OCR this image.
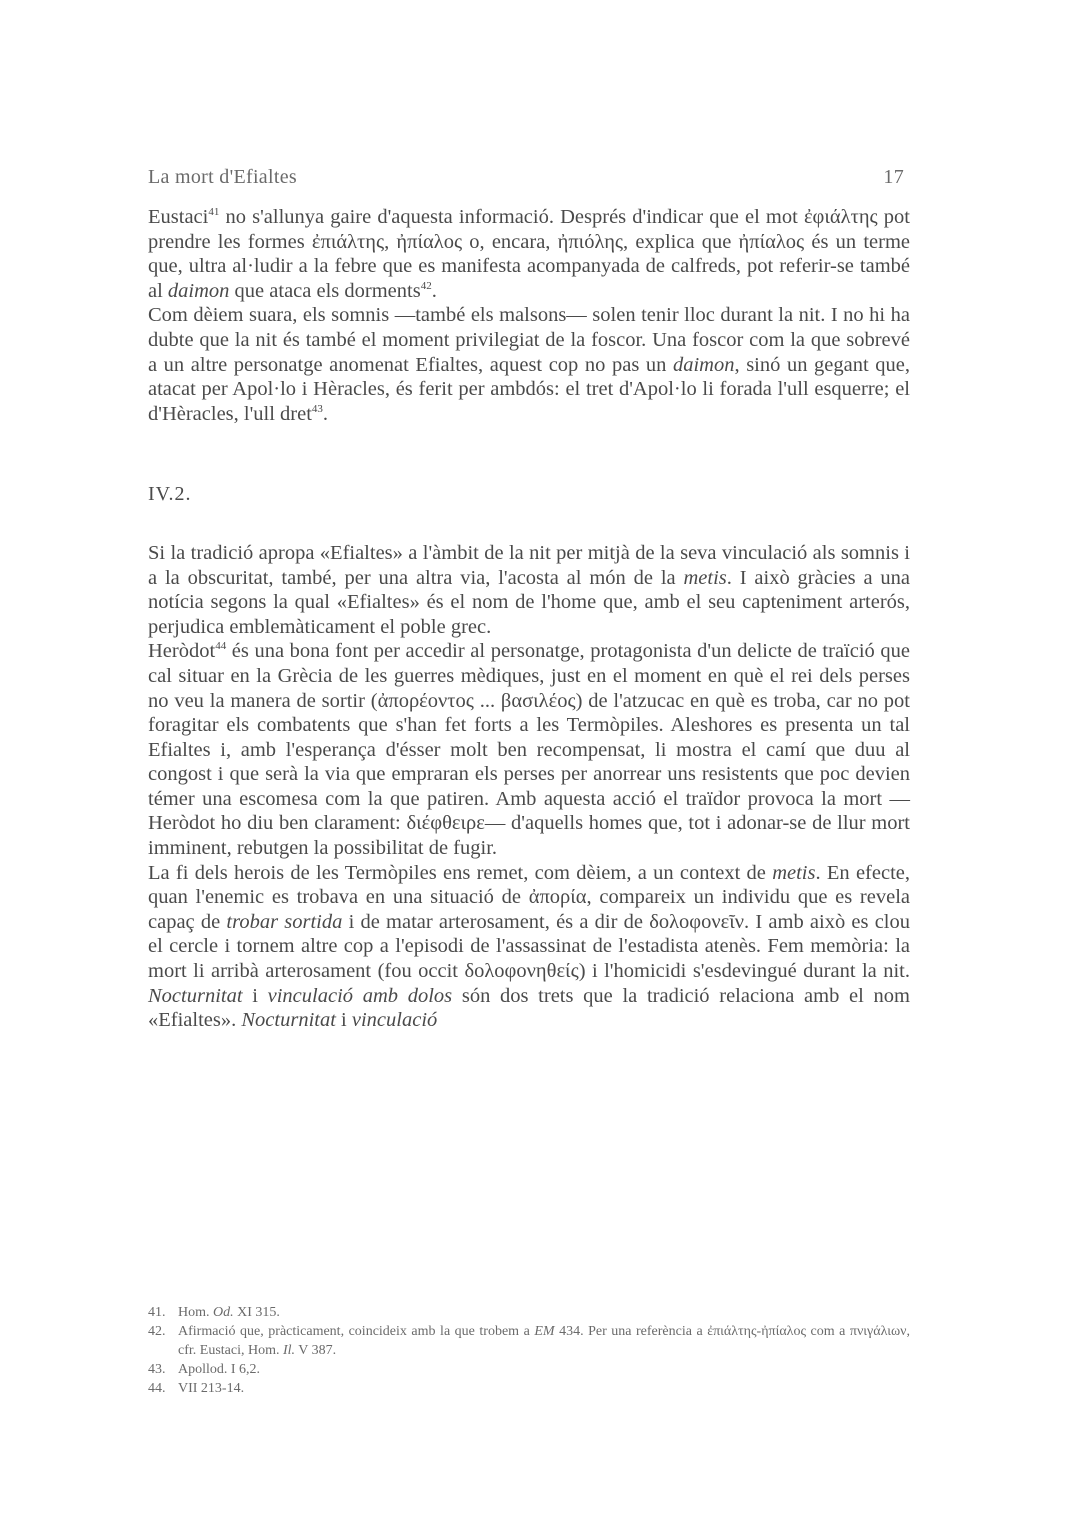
La mort d'Efialtes	17

Eustaci$^{41}$ no s'allunya gaire d'aquesta informació. Després d'indicar que el mot ἐφιάλτης pot prendre les formes ἐπιάλτης, ἠπίαλος o, encara, ἠπιόλης, explica que ἠπίαλος és un terme que, ultra al·ludir a la febre que es manifesta acompanyada de calfreds, pot referir-se també al daimon que ataca els dorments$^{42}$.

Com dèiem suara, els somnis —també els malsons— solen tenir lloc durant la nit. I no hi ha dubte que la nit és també el moment privilegiat de la foscor. Una foscor com la que sobrevé a un altre personatge anomenat Efialtes, aquest cop no pas un daimon, sinó un gegant que, atacat per Apol·lo i Hèracles, és ferit per ambdós: el tret d'Apol·lo li forada l'ull esquerre; el d'Hèracles, l'ull dret$^{43}$.

IV.2.

Si la tradició apropa «Efialtes» a l'àmbit de la nit per mitjà de la seva vinculació als somnis i a la obscuritat, també, per una altra via, l'acosta al món de la metis. I això gràcies a una notícia segons la qual «Efialtes» és el nom de l'home que, amb el seu capteniment arterós, perjudica emblemàticament el poble grec.

Heròdot$^{44}$ és una bona font per accedir al personatge, protagonista d'un delicte de traïció que cal situar en la Grècia de les guerres mèdiques, just en el moment en què el rei dels perses no veu la manera de sortir (ἀπορέοντος ... βασιλέος) de l'atzucac en què es troba, car no pot foragitar els combatents que s'han fet forts a les Termòpiles. Aleshores es presenta un tal Efialtes i, amb l'esperança d'ésser molt ben recompensat, li mostra el camí que duu al congost i que serà la via que empraran els perses per anorrear uns resistents que poc devien témer una escomesa com la que patiren. Amb aquesta acció el traïdor provoca la mort —Heròdot ho diu ben clarament: διέφθειρε— d'aquells homes que, tot i adonar-se de llur mort imminent, rebutgen la possibilitat de fugir.

La fi dels herois de les Termòpiles ens remet, com dèiem, a un context de metis. En efecte, quan l'enemic es trobava en una situació de ἀπορία, compareix un individu que es revela capaç de trobar sortida i de matar arterosament, és a dir de δολοφονεῖν. I amb això es clou el cercle i tornem altre cop a l'episodi de l'assassinat de l'estadista atenès. Fem memòria: la mort li arribà arterosament (fou occit δολοφονηθείς) i l'homicidi s'esdevingué durant la nit. Nocturnitat i vinculació amb dolos són dos trets que la tradició relaciona amb el nom «Efialtes». Nocturnitat i vinculació

41. Hom. Od. XI 315.
42. Afirmació que, pràcticament, coincideix amb la que trobem a EM 434. Per una referència a ἐπιάλτης-ἠπίαλος com a πνιγάλιων, cfr. Eustaci, Hom. Il. V 387.
43. Apollod. I 6,2.
44. VII 213-14.
